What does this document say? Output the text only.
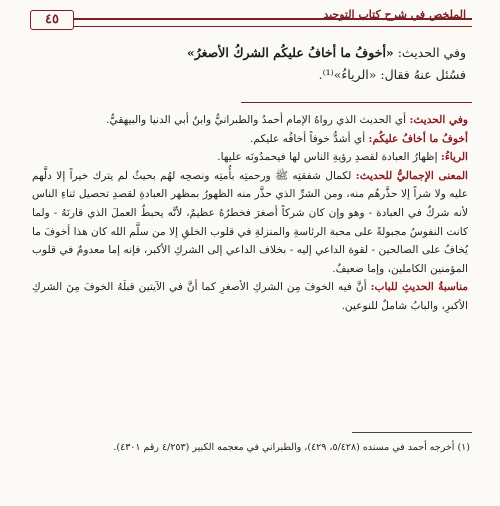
الملخص في شرح كتاب التوحيد
٤٥
وفي الحديث: «أخوفُ ما أخافُ عليكُم الشركُ الأصغرُ»
فسُئل عنهُ فقال: «الرياءُ»⁽¹⁾.

وفي الحديث: أي الحديث الذي رواهُ الإمام أحمدُ والطبرانيُّ وابنُ أبي الدنيا والبيهقيُّ.

أخوفُ ما أخافُ عليكُم: أي أشدُّ خوفاً أخافُه عليكم.

الرياءُ: إظهارُ العبادة لقصدِ رؤيةِ الناس لها فيحمدُونَه عليها.

المعنى الإجماليُّ للحديث: لكمال شفقتِه ﷺ ورحمتِه بأُمتِه ونصحِه لهُم بحيثُ لم يترك خيراً إلا دلَّهم عليه ولا شراً إلا حذَّرهُم منه، ومن الشرِّ الذي حذَّر منه الظهورُ بمظهر العبادةِ لقصدِ تحصيل ثناءِ الناس لأنه شركٌ في العبادة - وهو وإن كان شركاً أصغرَ فخطرُهُ عظيمٌ، لأنَّه يحبطُ العملَ الذي قارنَهُ - ولما كانت النفوسُ مجبولةً على محبة الرئاسةِ والمنزلةِ في قلوب الخلقِ إلا من سلَّم الله كان هذا أخوفَ ما يُخافُ على الصالحين - لقوة الداعي إليه - بخلاف الداعي إلى الشركِ الأكبر، فإنه إما معدومٌ في قلوب المؤمنين الكاملين، وإما ضعيفٌ.

مناسبةُ الحديثِ للباب: أنَّ فيه الخوفَ مِن الشركِ الأصغرِ كما أنَّ في الآيتين قبلَهُ الخوفَ مِنَ الشركِ الأكبرِ، والبابُ شاملٌ للنوعين.

(١) أخرجه أحمد في مسنده (٥/٤٢٨، ٤٢٩)، والطبراني في معجمه الكبير (٤/٢٥٣ رقم ٤٣٠١).
